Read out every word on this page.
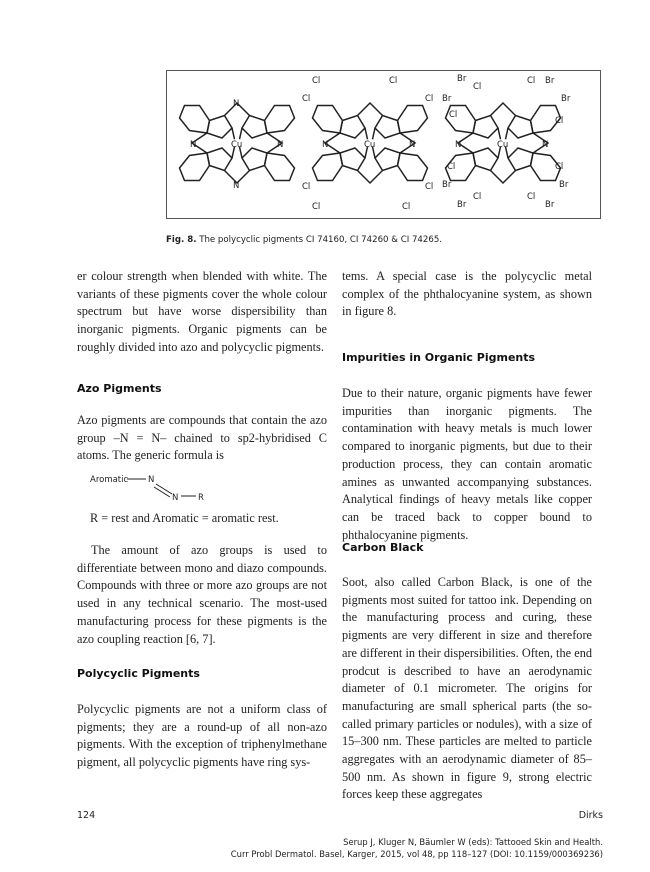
Cu
N	N
N
N
Cu
N	N
Cl	Cl
Cl	Cl
Cl	Cl
Cl	Cl
Cu
N	N
Br
Cl
Cl Br
Br	Br
Cl
Cl
Cl	Cl
Br	Br
Br
Cl	Cl
Br
Fig. 8. The polycyclic pigments CI 74160, CI 74260 & CI 74265.

er colour strength when blended with white. The variants of these pigments cover the whole colour spectrum but have worse dispersibility than inorganic pigments. Organic pigments can be roughly divided into azo and polycyclic pigments.

Azo Pigments

Azo pigments are compounds that contain the azo group –N = N– chained to sp2-hybridised C atoms. The generic formula is

Aromatic N
N R

R = rest and Aromatic = aromatic rest.

The amount of azo groups is used to differentiate between mono and diazo compounds. Compounds with three or more azo groups are not used in any technical scenario. The most-used manufacturing process for these pigments is the azo coupling reaction [6, 7].

Polycyclic Pigments

Polycyclic pigments are not a uniform class of pigments; they are a round-up of all non-azo pigments. With the exception of triphenylmethane pigment, all polycyclic pigments have ring sys-

tems. A special case is the polycyclic metal complex of the phthalocyanine system, as shown in figure 8.

Impurities in Organic Pigments

Due to their nature, organic pigments have fewer impurities than inorganic pigments. The contamination with heavy metals is much lower compared to inorganic pigments, but due to their production process, they can contain aromatic amines as unwanted accompanying substances. Analytical findings of heavy metals like copper can be traced back to copper bound to phthalocyanine pigments.

Carbon Black

Soot, also called Carbon Black, is one of the pigments most suited for tattoo ink. Depending on the manufacturing process and curing, these pigments are very different in size and therefore are different in their dispersibilities. Often, the end prodcut is described to have an aerodynamic diameter of 0.1 micrometer. The origins for manufacturing are small spherical parts (the so-called primary particles or nodules), with a size of 15–300 nm. These particles are melted to particle aggregates with an aerodynamic diameter of 85–500 nm. As shown in figure 9, strong electric forces keep these aggregates

124	Dirks
Serup J, Kluger N, Bäumler W (eds): Tattooed Skin and Health.
Curr Probl Dermatol. Basel, Karger, 2015, vol 48, pp 118–127 (DOI: 10.1159/000369236)
